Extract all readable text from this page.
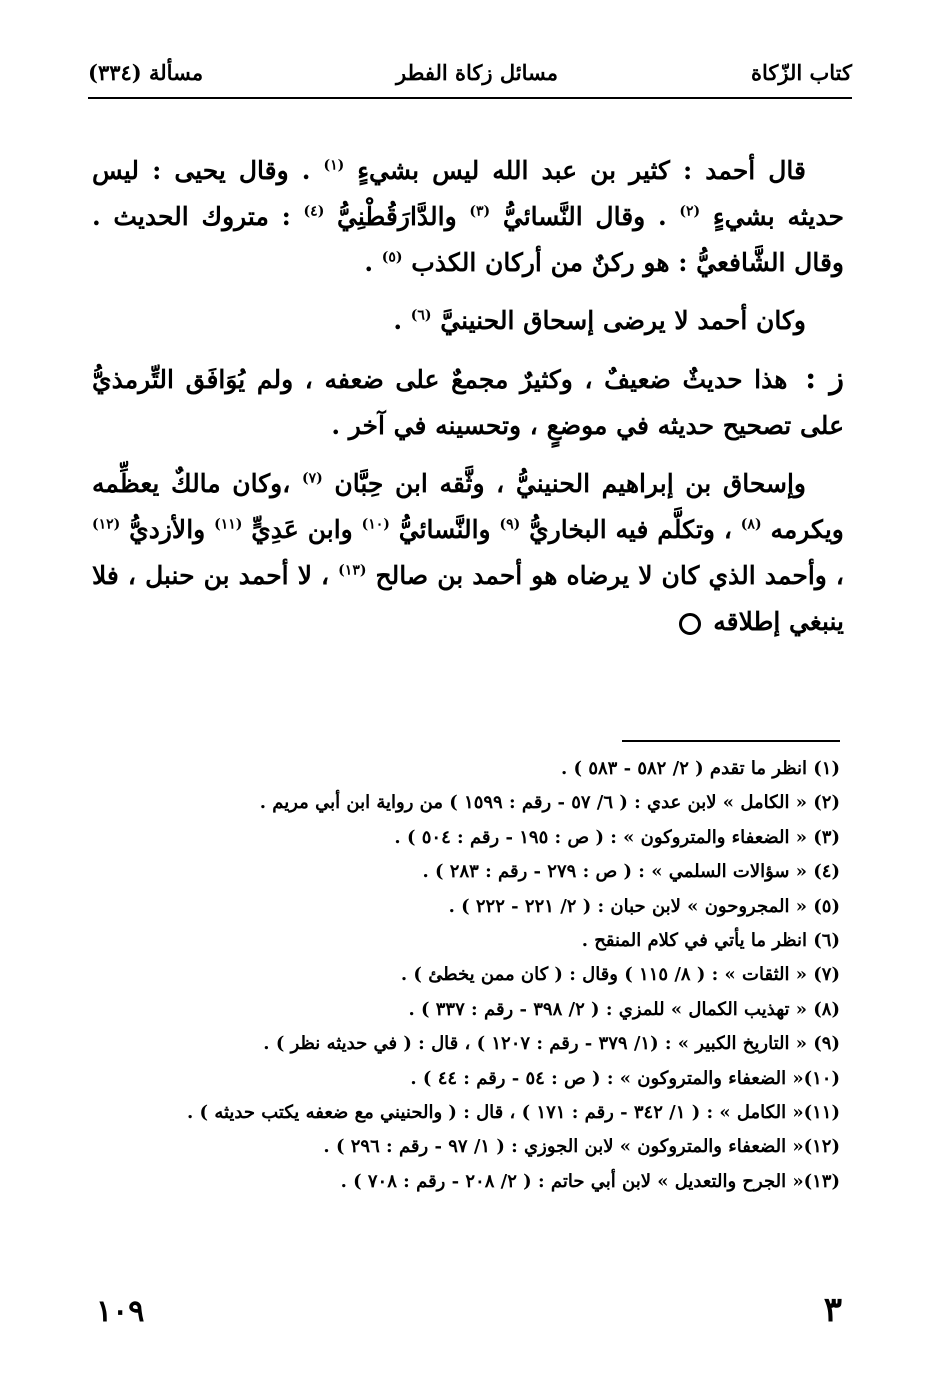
كتاب الزّكاة
مسائل زكاة الفطر
مسألة (٣٣٤)

قال أحمد : كثير بن عبد الله ليس بشيءٍ $^{(١)}$ . وقال يحيى : ليس حديثه بشيءٍ $^{(٢)}$ . وقال النَّسائيُّ $^{(٣)}$ والدَّارَقُطْنِيُّ $^{(٤)}$ : متروك الحديث . وقال الشَّافعيُّ : هو ركنٌ من أركان الكذب $^{(٥)}$ .

وكان أحمد لا يرضى إسحاق الحنينيَّ $^{(٦)}$ .

ز : هذا حديثٌ ضعيفٌ ، وكثيرٌ مجمعٌ على ضعفه ، ولم يُوَافَق التِّرمذيُّ على تصحيح حديثه في موضعٍ ، وتحسينه في آخر .

وإسحاق بن إبراهيم الحنينيُّ ، وثَّقه ابن حِبَّان $^{(٧)}$ ،وكان مالكٌ يعظِّمه ويكرمه $^{(٨)}$ ، وتكلَّم فيه البخاريُّ $^{(٩)}$ والنَّسائيُّ $^{(١٠)}$ وابن عَدِيٍّ $^{(١١)}$ والأزديُّ $^{(١٢)}$ ، وأحمد الذي كان لا يرضاه هو أحمد بن صالح $^{(١٣)}$ ، لا أحمد بن حنبل ، فلا ينبغي إطلاقه

(١) انظر ما تقدم ( ٢/ ٥٨٢ - ٥٨٣ ) .
(٢) « الكامل » لابن عدي : ( ٦/ ٥٧ - رقم : ١٥٩٩ ) من رواية ابن أبي مريم .
(٣) « الضعفاء والمتروكون » : ( ص : ١٩٥ - رقم : ٥٠٤ ) .
(٤) « سؤالات السلمي » : ( ص : ٢٧٩ - رقم : ٢٨٣ ) .
(٥) « المجروحون » لابن حبان : ( ٢/ ٢٢١ - ٢٢٢ ) .
(٦) انظر ما يأتي في كلام المنقح .
(٧) « الثقات » : ( ٨/ ١١٥ ) وقال : ( كان ممن يخطئ ) .
(٨) « تهذيب الكمال » للمزي : ( ٢/ ٣٩٨ - رقم : ٣٣٧ ) .
(٩) « التاريخ الكبير » : (١/ ٣٧٩ - رقم : ١٢٠٧ ) ، قال : ( في حديثه نظر ) .
(١٠)« الضعفاء والمتروكون » : ( ص : ٥٤ - رقم : ٤٤ ) .
(١١)« الكامل » : ( ١/ ٣٤٢ - رقم : ١٧١ ) ، قال : ( والحنيني مع ضعفه يكتب حديثه ) .
(١٢)« الضعفاء والمتروكون » لابن الجوزي : ( ١/ ٩٧ - رقم : ٢٩٦ ) .
(١٣)« الجرح والتعديل » لابن أبي حاتم : ( ٢/ ٢٠٨ - رقم : ٧٠٨ ) .
٣
١٠٩
